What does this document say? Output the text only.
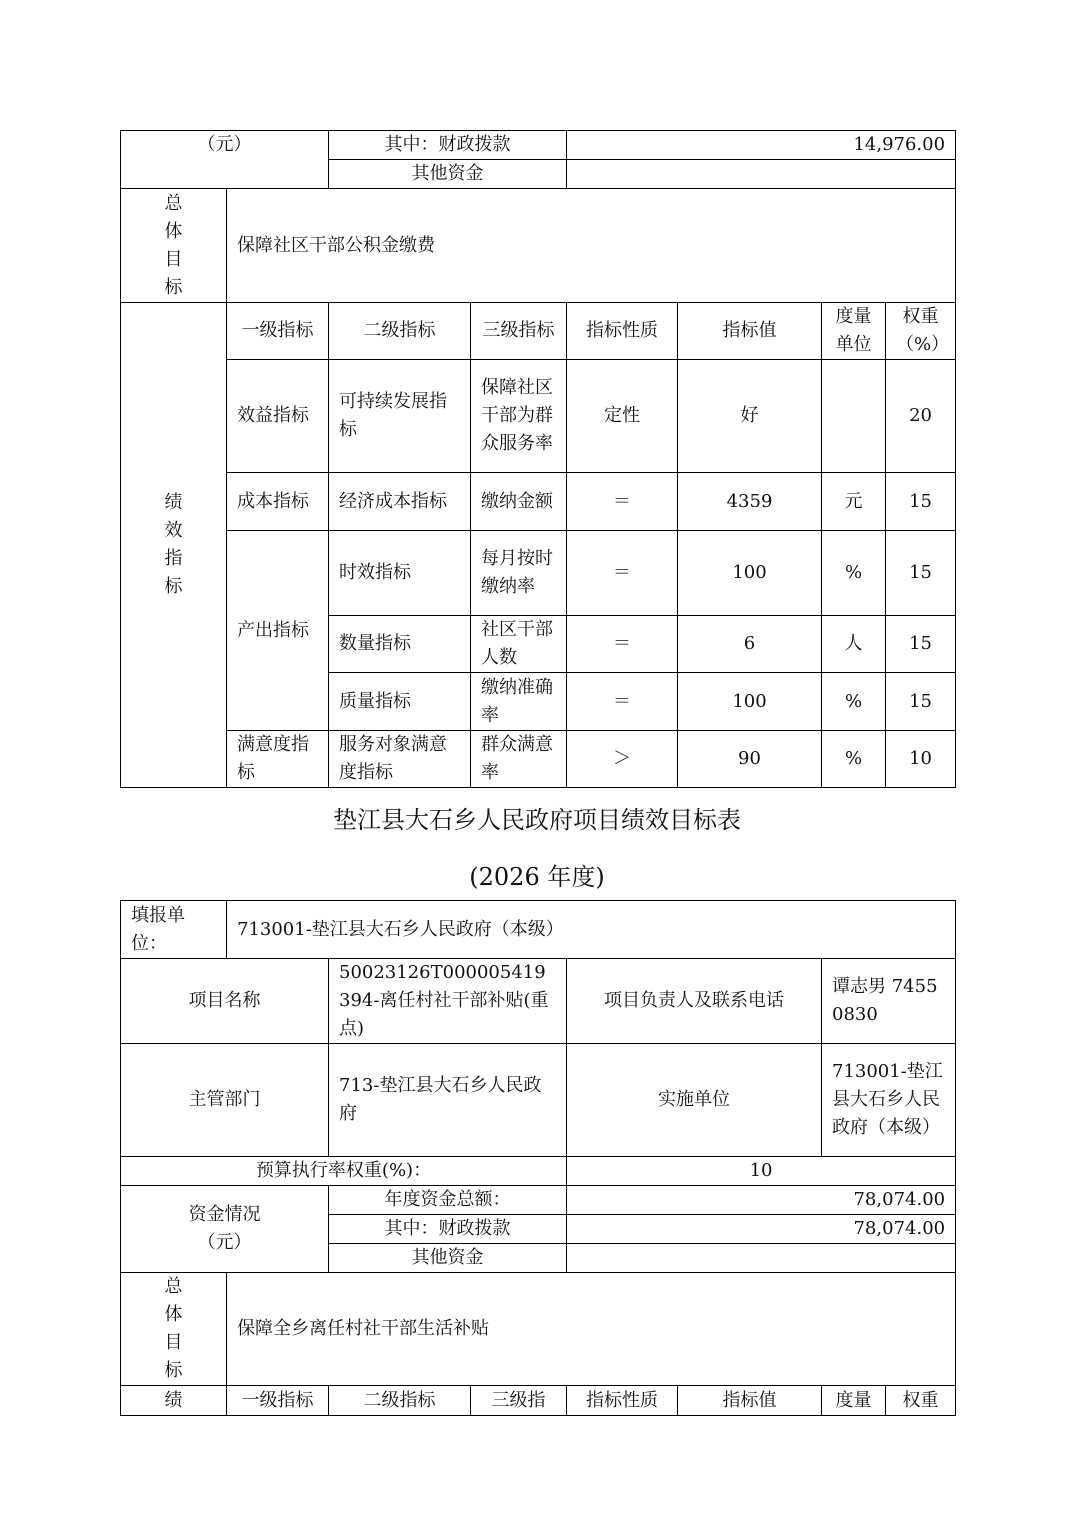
（元）		其中：财政拨款		14,976.00			
		其他资金					
总体目标	保障社区干部公积金缴费						
绩效指标	一级指标	二级指标	三级指标	指标性质	指标值	度量单位	权重（%）
	效益指标	可持续发展指标	保障社区干部为群众服务率	定性	好		20
	成本指标	经济成本指标	缴纳金额	＝	4359	元	15
	产出指标	时效指标	每月按时缴纳率	＝	100	%	15
		数量指标	社区干部人数	＝	6	人	15
		质量指标	缴纳准确率	＝	100	%	15
	满意度指标	服务对象满意度指标	群众满意率	＞	90	%	10
垫江县大石乡人民政府项目绩效目标表
(2026 年度)
填报单位：	713001-垫江县大石乡人民政府（本级）						
项目名称		50023126T000005419394-离任村社干部补贴(重点)		项目负责人及联系电话		谭志男 74550830	
主管部门		713-垫江县大石乡人民政府		实施单位		713001-垫江县大石乡人民政府（本级）	
预算执行率权重(%)：				10			
资金情况（元）		年度资金总额：		78,074.00			
		其中：财政拨款		78,074.00			
		其他资金					
总体目标	保障全乡离任村社干部生活补贴						
绩	一级指标	二级指标	三级指	指标性质	指标值	度量	权重
